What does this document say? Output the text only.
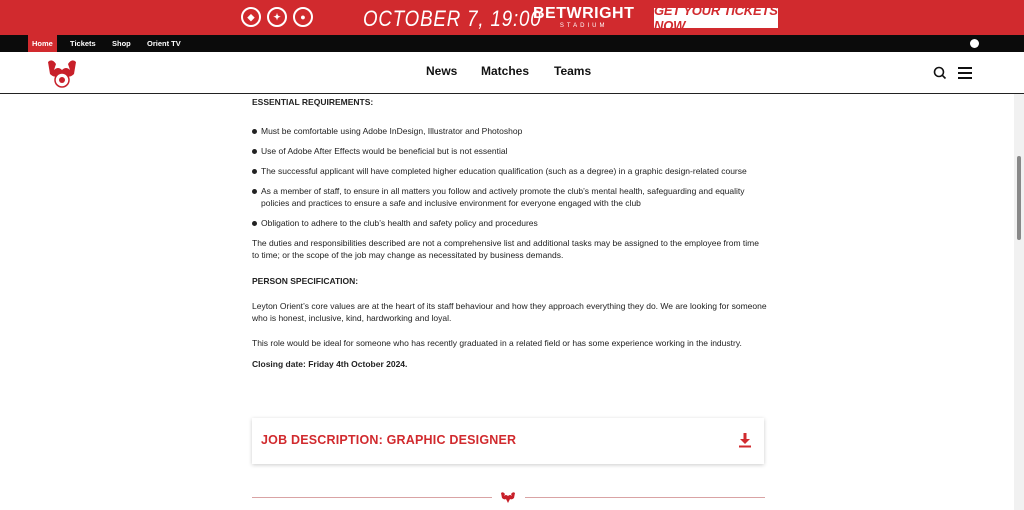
◆	✦	●	OCTOBER 7, 19:00
BETWRIGHT
STADIUM
GET YOUR TICKETS NOW
Home	Tickets	Shop	Orient TV
News Matches Teams
ESSENTIAL REQUIREMENTS:
Must be comfortable using Adobe InDesign, Illustrator and Photoshop
Use of Adobe After Effects would be beneficial but is not essential
The successful applicant will have completed higher education qualification (such as a degree) in a graphic design-related course
As a member of staff, to ensure in all matters you follow and actively promote the club’s mental health, safeguarding and equality policies and practices to ensure a safe and inclusive environment for everyone engaged with the club
Obligation to adhere to the club’s health and safety policy and procedures
The duties and responsibilities described are not a comprehensive list and additional tasks may be assigned to the employee from time to time; or the scope of the job may change as necessitated by business demands.
PERSON SPECIFICATION:
Leyton Orient’s core values are at the heart of its staff behaviour and how they approach everything they do. We are looking for someone who is honest, inclusive, kind, hardworking and loyal.
This role would be ideal for someone who has recently graduated in a related field or has some experience working in the industry.
Closing date: Friday 4th October 2024.
JOB DESCRIPTION: GRAPHIC DESIGNER
